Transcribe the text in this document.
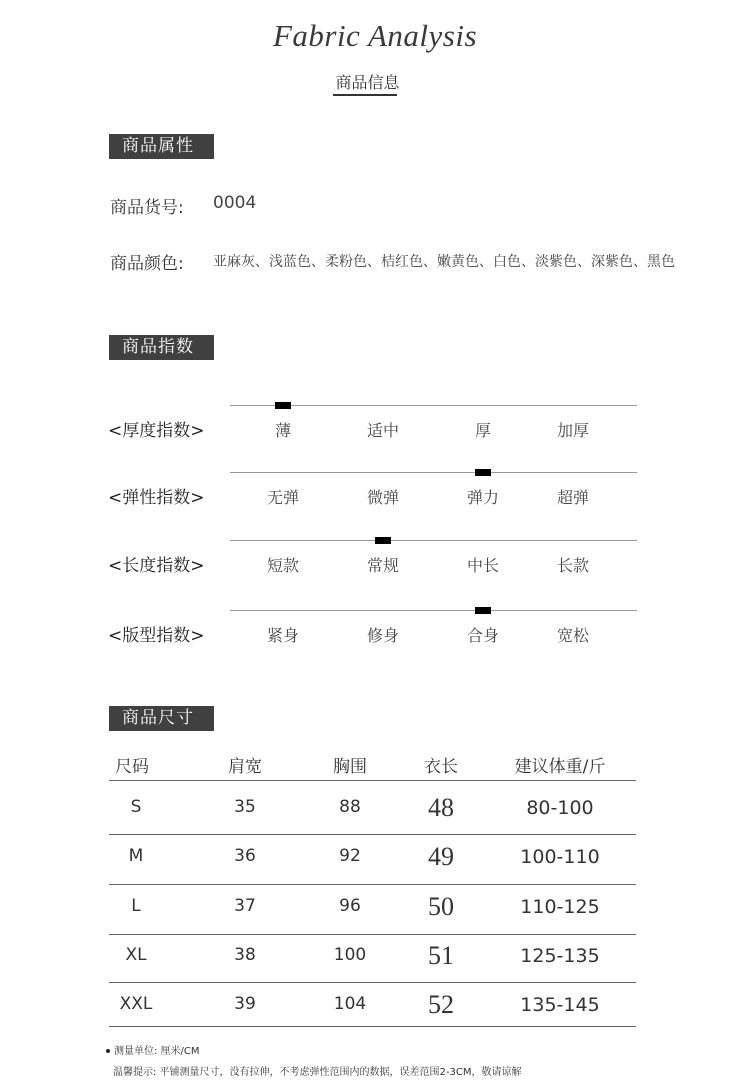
Fabric Analysis
商品信息
商品属性
商品货号: 0004
商品颜色: 亚麻灰、浅蓝色、柔粉色、桔红色、嫩黄色、白色、淡紫色、深紫色、黑色
商品指数
<厚度指数>	薄	适中	厚	加厚
<弹性指数>	无弹	微弹	弹力	超弹
<长度指数>	短款	常规	中长	长款
<版型指数>	紧身	修身	合身	宽松
商品尺寸
尺码	肩宽	胸围	衣长	建议体重/斤
S	35	88	48	80-100
M	36	92	49	100-110
L	37	96	50	110-125
XL	38	100	51	125-135
XXL	39	104	52	135-145
测量单位: 厘米/CM
温馨提示: 平铺测量尺寸，没有拉伸，不考虑弹性范围内的数据，误差范围2-3CM，敬请谅解
